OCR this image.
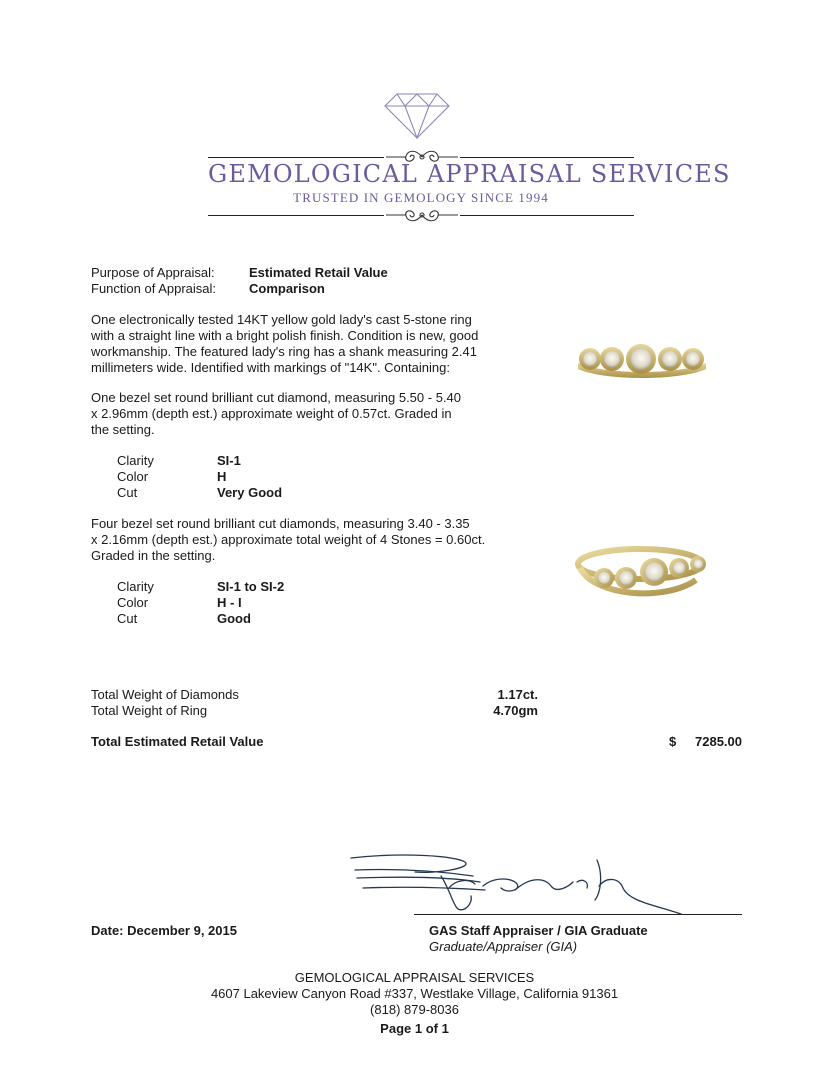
GEMOLOGICAL APPRAISAL SERVICES
TRUSTED IN GEMOLOGY SINCE 1994
Purpose of Appraisal:	Estimated Retail Value
Function of Appraisal:	Comparison
One electronically tested 14KT yellow gold lady's cast 5-stone ring
with a straight line with a bright polish finish. Condition is new, good
workmanship. The featured lady's ring has a shank measuring 2.41
millimeters wide. Identified with markings of "14K". Containing:
One bezel set round brilliant cut diamond, measuring 5.50 - 5.40
x 2.96mm (depth est.) approximate weight of 0.57ct. Graded in
the setting.
Clarity	SI-1
Color	H
Cut	Very Good
Four bezel set round brilliant cut diamonds, measuring 3.40 - 3.35
x 2.16mm (depth est.) approximate total weight of 4 Stones = 0.60ct.
Graded in the setting.
Clarity	SI-1 to SI-2
Color	H - I
Cut	Good
Total Weight of Diamonds	1.17ct.
Total Weight of Ring	4.70gm
Total Estimated Retail Value	$	7285.00
Date: December 9, 2015	GAS Staff Appraiser / GIA Graduate
Graduate/Appraiser (GIA)
GEMOLOGICAL APPRAISAL SERVICES
4607 Lakeview Canyon Road #337, Westlake Village, California 91361
(818) 879-8036
Page 1 of 1
